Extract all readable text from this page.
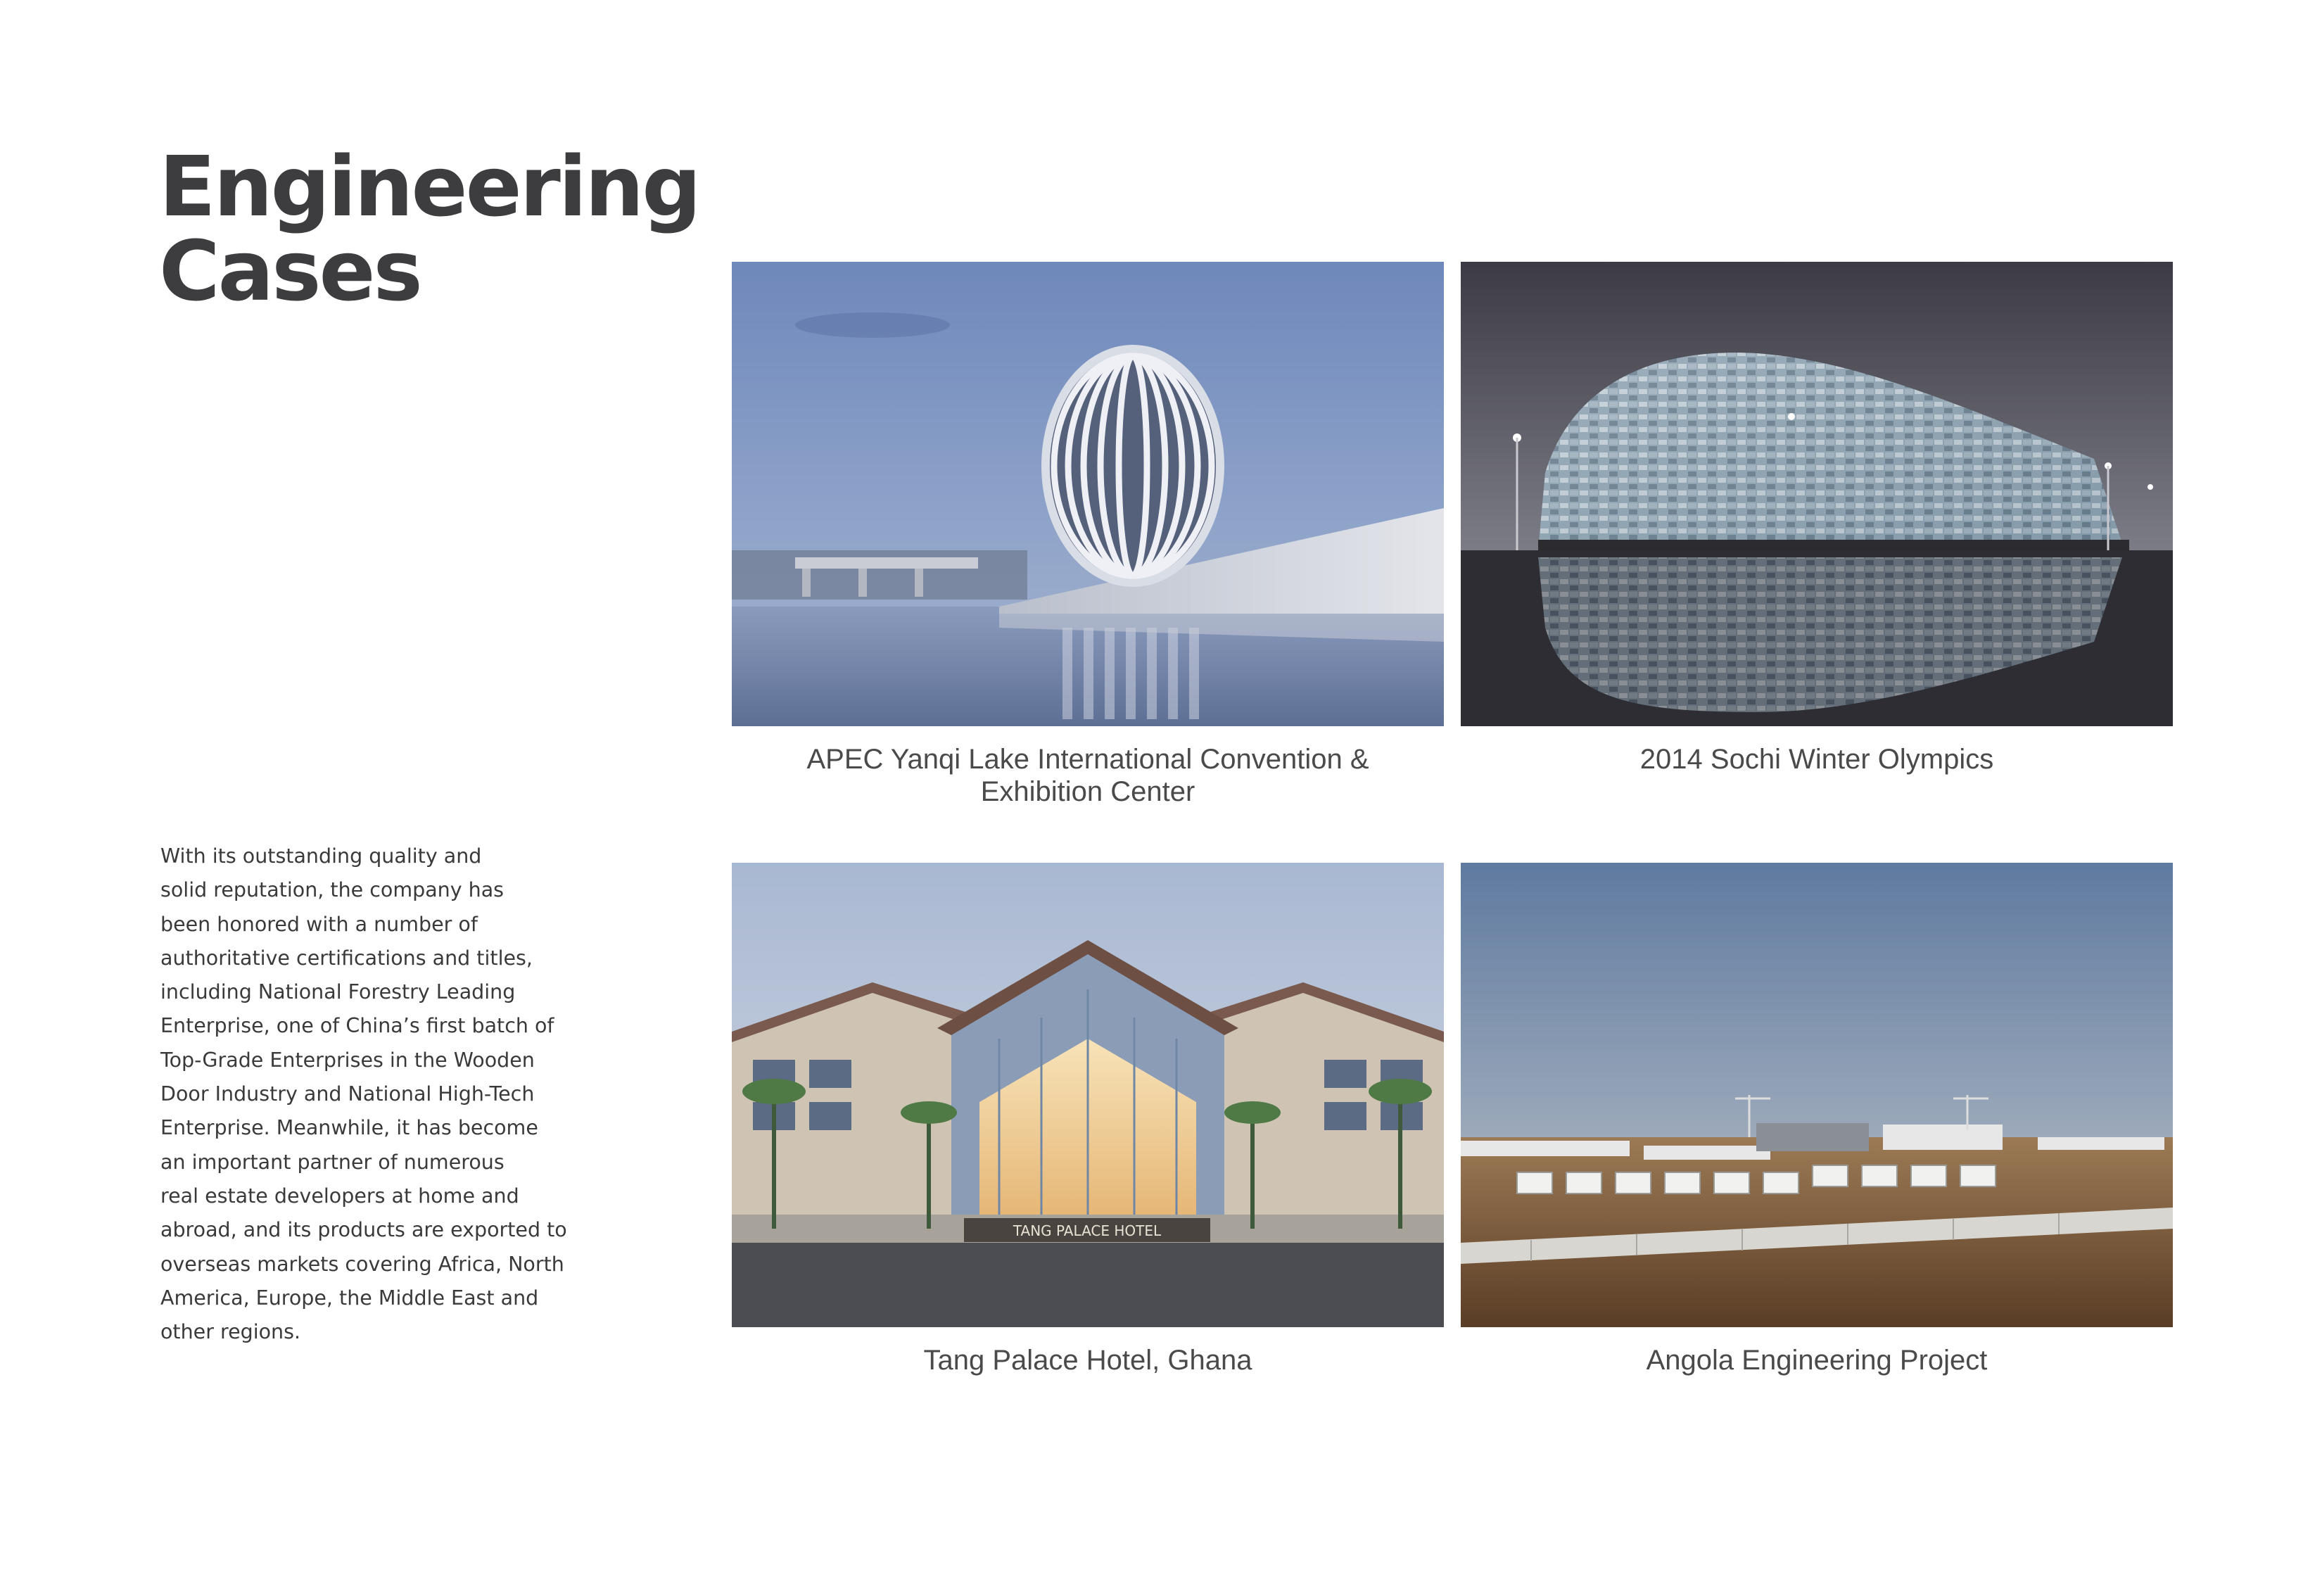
Engineering
Cases

With its outstanding quality and
solid reputation, the company has
been honored with a number of
authoritative certifications and titles,
including National Forestry Leading
Enterprise, one of China’s first batch of
Top-Grade Enterprises in the Wooden
Door Industry and National High-Tech
Enterprise. Meanwhile, it has become
an important partner of numerous
real estate developers at home and
abroad, and its products are exported to
overseas markets covering Africa, North
America, Europe, the Middle East and
other regions.

APEC Yanqi Lake International Convention &
Exhibition Center
2014 Sochi Winter Olympics
TANG PALACE HOTEL
Tang Palace Hotel, Ghana	Angola Engineering Project
